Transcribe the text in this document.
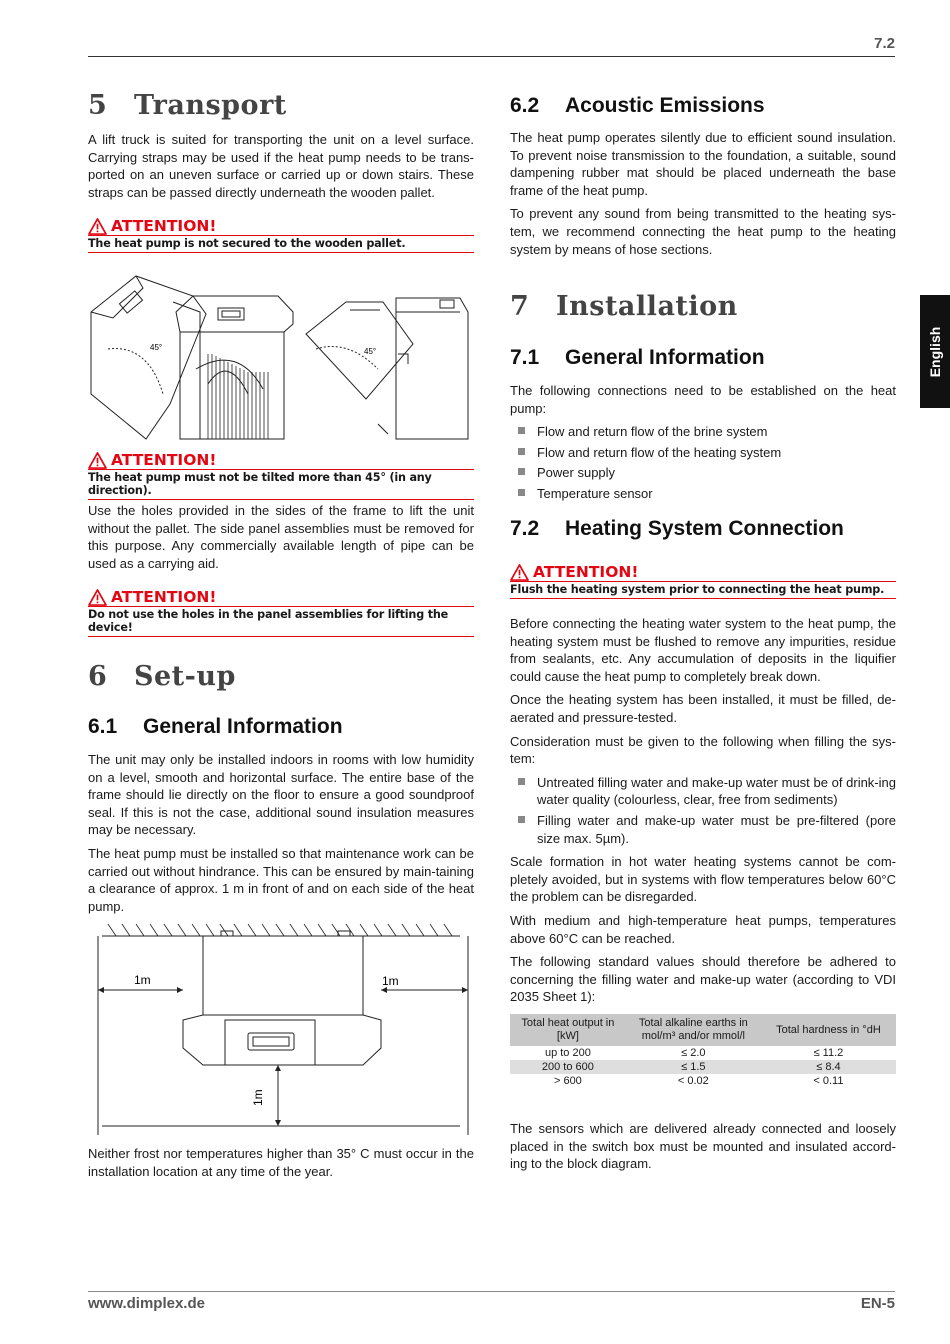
7.2
English
5 Transport

A lift truck is suited for transporting the unit on a level surface. Carrying straps may be used if the heat pump needs to be trans-ported on an uneven surface or carried up or down stairs. These straps can be passed directly underneath the wooden pallet.

ATTENTION!
The heat pump is not secured to the wooden pallet.
45°	45°
ATTENTION!
The heat pump must not be tilted more than 45° (in any direction).

Use the holes provided in the sides of the frame to lift the unit without the pallet. The side panel assemblies must be removed for this purpose. Any commercially available length of pipe can be used as a carrying aid.

ATTENTION!
Do not use the holes in the panel assemblies for lifting the device!
6 Set-up
6.1 General Information

The unit may only be installed indoors in rooms with low humidity on a level, smooth and horizontal surface. The entire base of the frame should lie directly on the floor to ensure a good soundproof seal. If this is not the case, additional sound insulation measures may be necessary.

The heat pump must be installed so that maintenance work can be carried out without hindrance. This can be ensured by main-taining a clearance of approx. 1 m in front of and on each side of the heat pump.

1m	1m
1m

Neither frost nor temperatures higher than 35° C must occur in the installation location at any time of the year.

6.2 Acoustic Emissions

The heat pump operates silently due to efficient sound insulation. To prevent noise transmission to the foundation, a suitable, sound dampening rubber mat should be placed underneath the base frame of the heat pump.

To prevent any sound from being transmitted to the heating sys-tem, we recommend connecting the heat pump to the heating system by means of hose sections.

7 Installation
7.1 General Information

The following connections need to be established on the heat pump:

Flow and return flow of the brine system
Flow and return flow of the heating system
Power supply
Temperature sensor
7.2 Heating System Connection
ATTENTION!
Flush the heating system prior to connecting the heat pump.

Before connecting the heating water system to the heat pump, the heating system must be flushed to remove any impurities, residue from sealants, etc. Any accumulation of deposits in the liquifier could cause the heat pump to completely break down.

Once the heating system has been installed, it must be filled, de-aerated and pressure-tested.

Consideration must be given to the following when filling the sys-tem:

Untreated filling water and make-up water must be of drink-ing water quality (colourless, clear, free from sediments)
Filling water and make-up water must be pre-filtered (pore size max. 5µm).

Scale formation in hot water heating systems cannot be com-pletely avoided, but in systems with flow temperatures below 60°C the problem can be disregarded.

With medium and high-temperature heat pumps, temperatures above 60°C can be reached.

The following standard values should therefore be adhered to concerning the filling water and make-up water (according to VDI 2035 Sheet 1):

Total heat output in [kW]	Total alkaline earths in mol/m³ and/or mmol/l	Total hardness in °dH
up to 200	≤ 2.0	≤ 11.2
200 to 600	≤ 1.5	≤ 8.4
> 600	< 0.02	< 0.11

The sensors which are delivered already connected and loosely placed in the switch box must be mounted and insulated accord-ing to the block diagram.

www.dimplex.de	EN-5
